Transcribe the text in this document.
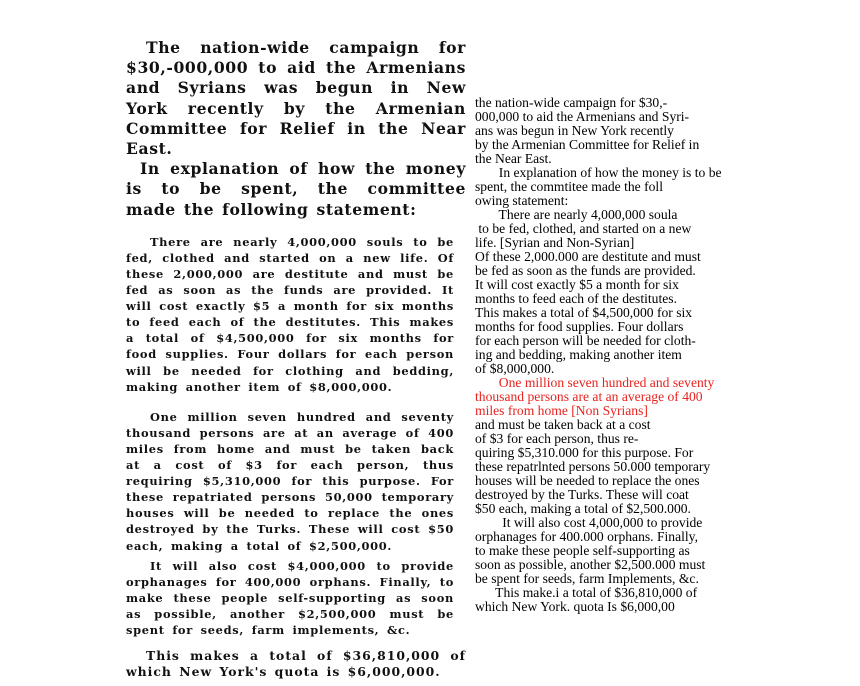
The nation-wide campaign for $30,-000,000 to aid the Armenians and Syrians was begun in New York recently by the Armenian Committee for Relief in the Near East.

In explanation of how the money is to be spent, the committee made the following statement:

There are nearly 4,000,000 souls to be fed, clothed and started on a new life. Of these 2,000,000 are destitute and must be fed as soon as the funds are provided. It will cost exactly $5 a month for six months to feed each of the destitutes. This makes a total of $4,500,000 for six months for food supplies. Four dollars for each person will be needed for clothing and bedding, making another item of $8,000,000.

One million seven hundred and seventy thousand persons are at an average of 400 miles from home and must be taken back at a cost of $3 for each person, thus requiring $5,310,000 for this purpose. For these repatriated persons 50,000 temporary houses will be needed to replace the ones destroyed by the Turks. These will cost $50 each, making a total of $2,500,000.

It will also cost $4,000,000 to provide orphanages for 400,000 orphans. Finally, to make these people self-supporting as soon as possible, another $2,500,000 must be spent for seeds, farm implements, &c.

This makes a total of $36,810,000 of which New York's quota is $6,000,000.

the nation-wide campaign for $30,-
000,000 to aid the Armenians and Syri-
ans was begun in New York recently
by the Armenian Committee for Relief in
the Near East.
In explanation of how the money is to be
spent, the commtitee made the foll
owing statement:
There are nearly 4,000,000 soula
to be fed, clothed, and started on a new
life. [Syrian and Non-Syrian]
Of these 2,000.000 are destitute and must
be fed as soon as the funds are provided.
It will cost exactly $5 a month for six
months to feed each of the destitutes.
This makes a total of $4,500,000 for six
months for food supplies. Four dollars
for each person will be needed for cloth-
ing and bedding, making another item
of $8,000,000.
One million seven hundred and seventy
thousand persons are at an average of 400
miles from home [Non Syrians]
and must be taken back at a cost
of $3 for each person, thus re-
quiring $5,310.000 for this purpose. For
these repatrlnted persons 50.000 temporary
houses will be needed to replace the ones
destroyed by the Turks. These will coat
$50 each, making a total of $2,500.000.
It will also cost 4,000,000 to provide
orphanages for 400.000 orphans. Finally,
to make these people self-supporting as
soon as possible, another $2,500.000 must
be spent for seeds, farm Implements, &c.
This make.i a total of $36,810,000 of
which New York. quota Is $6,000,00
